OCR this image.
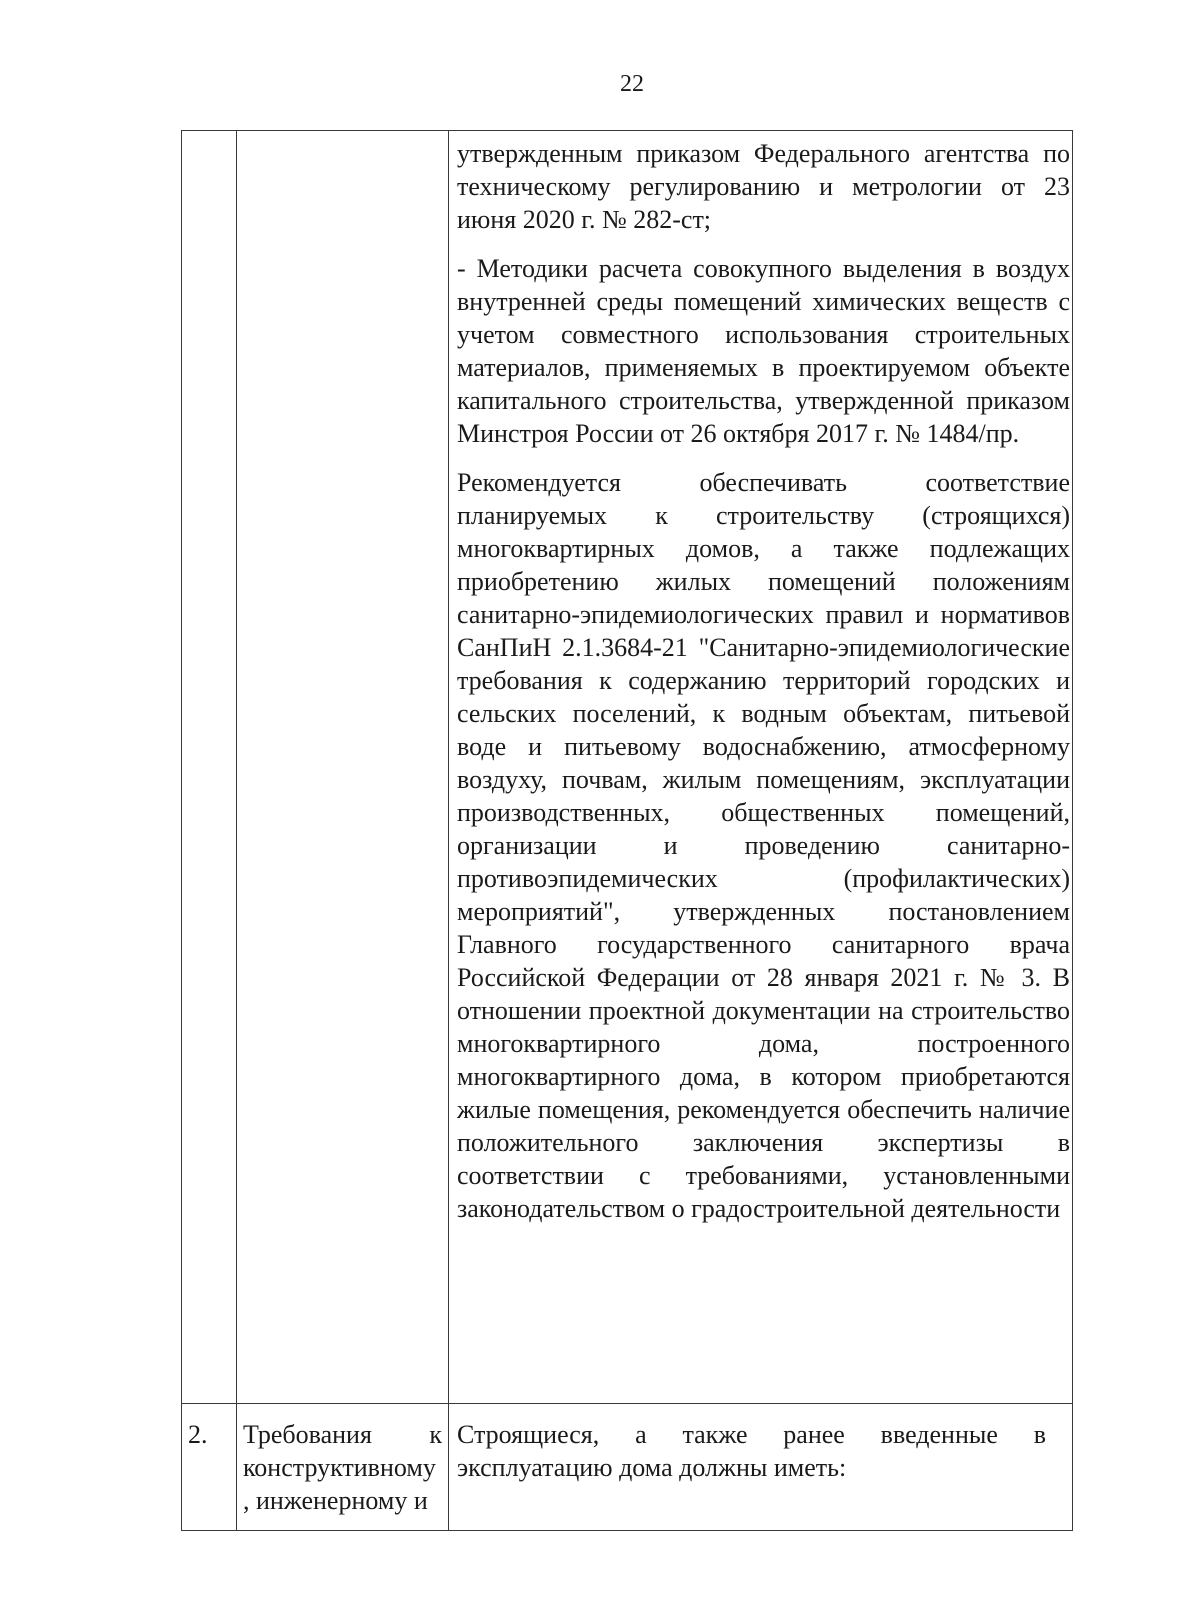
22

		утвержденным приказом Федерального агентства по техническому регулированию и метрологии от 23 июня 2020 г. № 282-ст;

- Методики расчета совокупного выделения в воздух внутренней среды помещений химических веществ с учетом совместного использования строительных материалов, применяемых в проектируемом объекте капитального строительства, утвержденной приказом Минстроя России от 26 октября 2017 г. № 1484/пр.

Рекомендуется обеспечивать соответствие планируемых к строительству (строящихся) многоквартирных домов, а также подлежащих приобретению жилых помещений положениям санитарно-эпидемиологических правил и нормативов СанПиН 2.1.3684-21 "Санитарно-эпидемиологические требования к содержанию территорий городских и сельских поселений, к водным объектам, питьевой воде и питьевому водоснабжению, атмосферному воздуху, почвам, жилым помещениям, эксплуатации производственных, общественных помещений, организации и проведению санитарно-противоэпидемических (профилактических) мероприятий", утвержденных постановлением Главного государственного санитарного врача Российской Федерации от 28 января 2021 г. № 3. В отношении проектной документации на строительство многоквартирного дома, построенного многоквартирного дома, в котором приобретаются жилые помещения, рекомендуется обеспечить наличие положительного заключения экспертизы в соответствии с требованиями, установленными законодательством о градостроительной деятельности

2.	Требования к конструктивному , инженерному и	Строящиеся, а также ранее введенные в эксплуатацию дома должны иметь:
